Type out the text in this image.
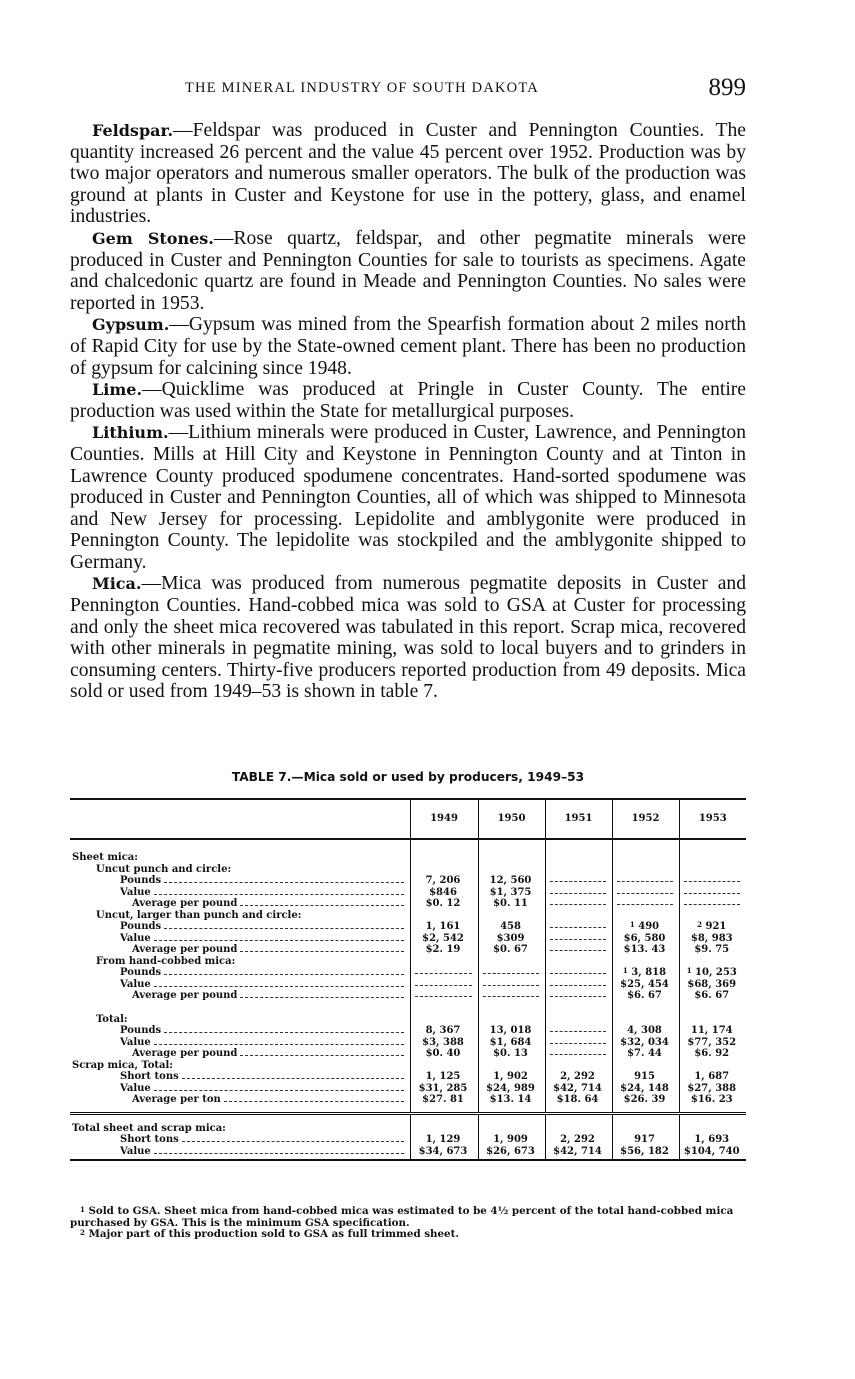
THE MINERAL INDUSTRY OF SOUTH DAKOTA	899

Feldspar.—Feldspar was produced in Custer and Pennington Counties. The quantity increased 26 percent and the value 45 percent over 1952. Production was by two major operators and numerous smaller operators. The bulk of the production was ground at plants in Custer and Keystone for use in the pottery, glass, and enamel industries.

Gem Stones.—Rose quartz, feldspar, and other pegmatite minerals were produced in Custer and Pennington Counties for sale to tourists as specimens. Agate and chalcedonic quartz are found in Meade and Pennington Counties. No sales were reported in 1953.

Gypsum.—Gypsum was mined from the Spearfish formation about 2 miles north of Rapid City for use by the State-owned cement plant. There has been no production of gypsum for calcining since 1948.

Lime.—Quicklime was produced at Pringle in Custer County. The entire production was used within the State for metallurgical purposes.

Lithium.—Lithium minerals were produced in Custer, Lawrence, and Pennington Counties. Mills at Hill City and Keystone in Pennington County and at Tinton in Lawrence County produced spodumene concentrates. Hand-sorted spodumene was produced in Custer and Pennington Counties, all of which was shipped to Minnesota and New Jersey for processing. Lepidolite and amblygonite were produced in Pennington County. The lepidolite was stockpiled and the amblygonite shipped to Germany.

Mica.—Mica was produced from numerous pegmatite deposits in Custer and Pennington Counties. Hand-cobbed mica was sold to GSA at Custer for processing and only the sheet mica recovered was tabulated in this report. Scrap mica, recovered with other minerals in pegmatite mining, was sold to local buyers and to grinders in consuming centers. Thirty-five producers reported production from 49 deposits. Mica sold or used from 1949–53 is shown in table 7.

TABLE 7.—Mica sold or used by producers, 1949–53
	1949	1950	1951	1952	1953
Sheet mica:					
Uncut punch and circle:					

Pounds	7, 206	12, 560	

Value	$846	$1, 375	

Average per pound	$0. 12	$0. 11	

Uncut, larger than punch and circle:					

Pounds	1, 161	458		$^1$ 490	$^2$ 921

Value	$2, 542	$309		$6, 580	$8, 983

Average per pound	$2. 19	$0. 67		$13. 43	$9. 75
From hand-cobbed mica:					

Pounds				$^1$ 3, 818	$^1$ 10, 253

Value				$25, 454	$68, 369

Average per pound				$6. 67	$6. 67

Total:					

Pounds	8, 367	13, 018		4, 308	11, 174

Value	$3, 388	$1, 684		$32, 034	$77, 352

Average per pound	$0. 40	$0. 13		$7. 44	$6. 92
Scrap mica, Total:					

Short tons	1, 125	1, 902	2, 292	915	1, 687

Value	$31, 285	$24, 989	$42, 714	$24, 148	$27, 388

Average per ton	$27. 81	$13. 14	$18. 64	$26. 39	$16. 23
Total sheet and scrap mica:					

Short tons	1, 129	1, 909	2, 292	917	1, 693

Value	$34, 673	$26, 673	$42, 714	$56, 182	$104, 740

$^1$ Sold to GSA. Sheet mica from hand-cobbed mica was estimated to be 4½ percent of the total hand-cobbed mica purchased by GSA. This is the minimum GSA specification.

$^2$ Major part of this production sold to GSA as full trimmed sheet.
